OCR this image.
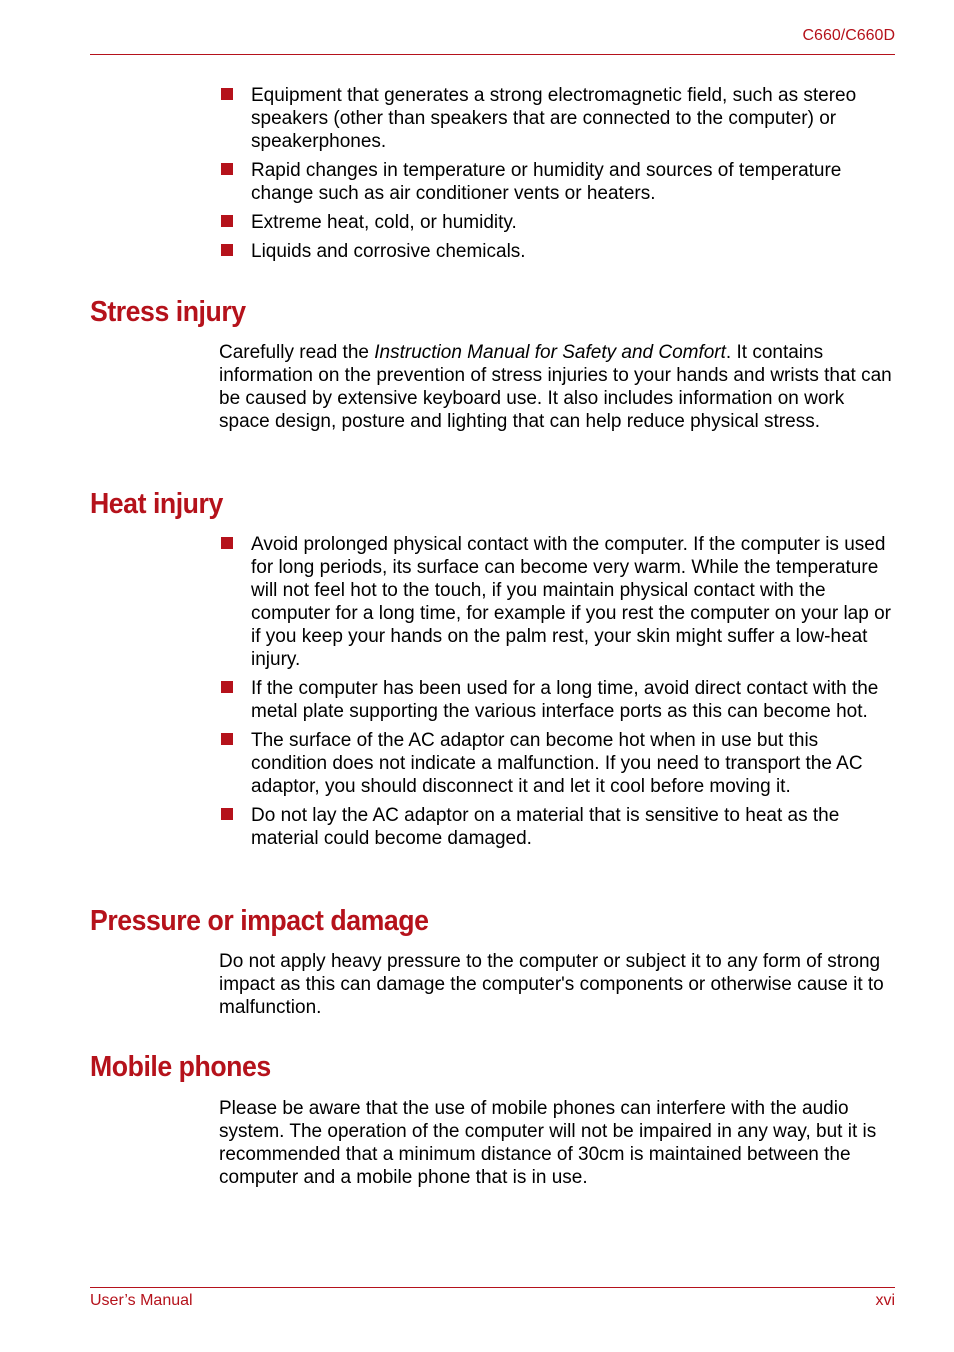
C660/C660D
Equipment that generates a strong electromagnetic field, such as stereo speakers (other than speakers that are connected to the computer) or speakerphones.
Rapid changes in temperature or humidity and sources of temperature change such as air conditioner vents or heaters.
Extreme heat, cold, or humidity.
Liquids and corrosive chemicals.
Stress injury

Carefully read the Instruction Manual for Safety and Comfort. It contains information on the prevention of stress injuries to your hands and wrists that can be caused by extensive keyboard use. It also includes information on work space design, posture and lighting that can help reduce physical stress.

Heat injury
Avoid prolonged physical contact with the computer. If the computer is used for long periods, its surface can become very warm. While the temperature will not feel hot to the touch, if you maintain physical contact with the computer for a long time, for example if you rest the computer on your lap or if you keep your hands on the palm rest, your skin might suffer a low-heat injury.
If the computer has been used for a long time, avoid direct contact with the metal plate supporting the various interface ports as this can become hot.
The surface of the AC adaptor can become hot when in use but this condition does not indicate a malfunction. If you need to transport the AC adaptor, you should disconnect it and let it cool before moving it.
Do not lay the AC adaptor on a material that is sensitive to heat as the material could become damaged.
Pressure or impact damage

Do not apply heavy pressure to the computer or subject it to any form of strong impact as this can damage the computer's components or otherwise cause it to malfunction.

Mobile phones

Please be aware that the use of mobile phones can interfere with the audio system. The operation of the computer will not be impaired in any way, but it is recommended that a minimum distance of 30cm is maintained between the computer and a mobile phone that is in use.

User’s Manual	xvi
